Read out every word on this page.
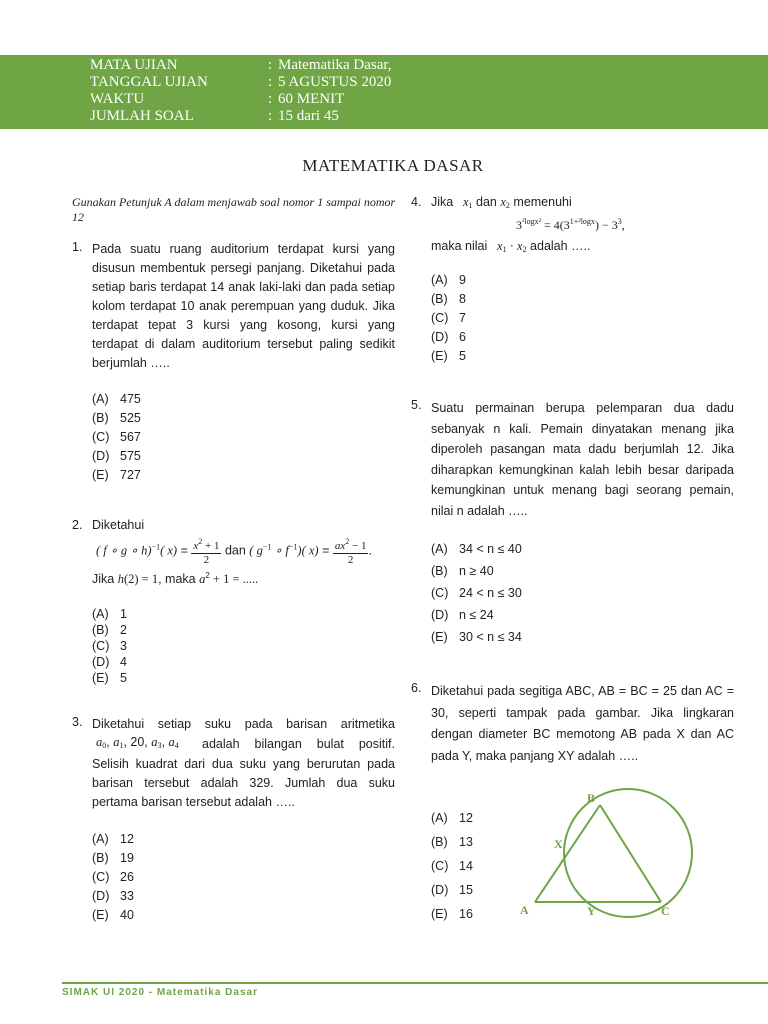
MATA UJIAN	: Matematika Dasar,
TANGGAL UJIAN	: 5 AGUSTUS 2020
WAKTU	: 60 MENIT
JUMLAH SOAL	: 15 dari 45
MATEMATIKA DASAR
Gunakan Petunjuk A dalam menjawab soal nomor 1 sampai nomor 12
1. Pada suatu ruang auditorium terdapat kursi yang disusun membentuk persegi panjang. Diketahui pada setiap baris terdapat 14 anak laki-laki dan pada setiap kolom terdapat 10 anak perempuan yang duduk. Jika terdapat tepat 3 kursi yang kosong, kursi yang terdapat di dalam auditorium tersebut paling sedikit berjumlah …..
(A) 475
(B) 525
(C) 567
(D) 575
(E) 727
2. Diketahui
( f ∘ g ∘ h)$^{-1}$( $x) = \frac{x^2 + 1}{2}$ dan ( $g^{-1}$ ∘ $f^{-1}$)( $x) = \frac{ax^2 - 1}{2}$ .
Jika h(2) = 1, maka $a^2 + 1$ = .....
(A) 1
(B) 2
(C) 3
(D) 4
(E) 5
3. Diketahui setiap suku pada barisan aritmetika
$a_0$, $a_1$, 20, $a_3$, $a_4$ adalah bilangan bulat positif.
Selisih kuadrat dari dua suku yang berurutan pada barisan tersebut adalah 329. Jumlah dua suku pertama barisan tersebut adalah …..
(A) 12
(B) 19
(C) 26
(D) 33
(E) 40
4. Jika   $x_1$ dan $x_2$ memenuhi
$3^{^2logx^2} = 4(3^{1+^2logx}) - 3^3$,
maka nilai   $x_1 \cdot x_2$ adalah …..
(A) 9
(B) 8
(C) 7
(D) 6
(E) 5
5. Suatu permainan berupa pelemparan dua dadu sebanyak n kali. Pemain dinyatakan menang jika diperoleh pasangan mata dadu berjumlah 12. Jika diharapkan kemungkinan kalah lebih besar daripada kemungkinan untuk menang bagi seorang pemain, nilai n adalah …..
(A) 34 < n ≤ 40
(B) n ≥ 40
(C) 24 < n ≤ 30
(D) n ≤ 24
(E) 30 < n ≤ 34
6. Diketahui pada segitiga ABC, AB = BC = 25 dan AC = 30, seperti tampak pada gambar. Jika lingkaran dengan diameter BC memotong AB pada X dan AC pada Y, maka panjang XY adalah …..
(A) 12
(B) 13
(C) 14
(D) 15
(E) 16
B
X
A	Y	C
SIMAK UI 2020 - Matematika Dasar
